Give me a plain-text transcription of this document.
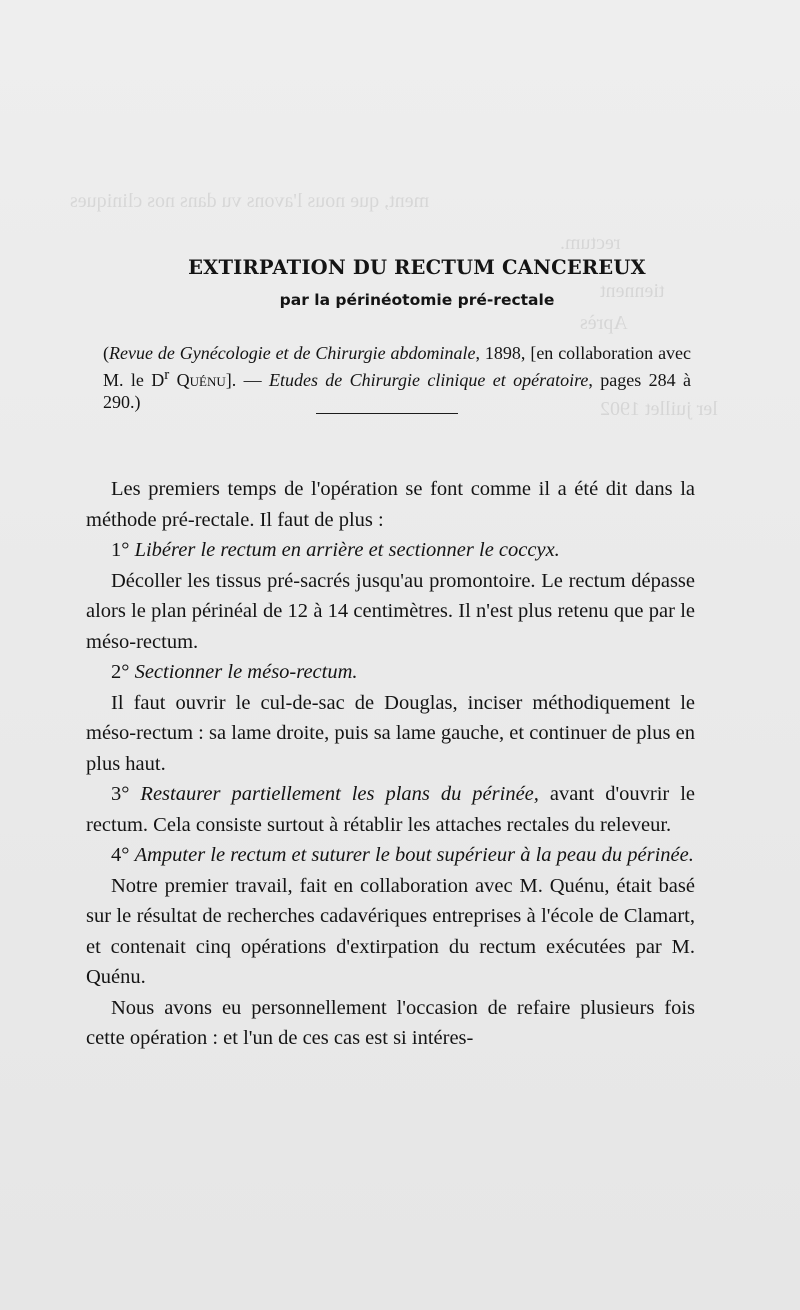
ment, que nous l'avons vu dans nos cliniques
rectum.
tiennent
Après
ler juillet 1902
EXTIRPATION DU RECTUM CANCEREUX
par la périnéotomie pré-rectale
(Revue de Gynécologie et de Chirurgie abdominale, 1898, [en collaboration avec M. le $D^r$ Quénu]. — Etudes de Chirurgie clinique et opératoire, pages 284 à 290.)

Les premiers temps de l'opération se font comme il a été dit dans la méthode pré-rectale. Il faut de plus :

1° Libérer le rectum en arrière et sectionner le coccyx.

Décoller les tissus pré-sacrés jusqu'au promontoire. Le rectum dépasse alors le plan périnéal de 12 à 14 centimètres. Il n'est plus retenu que par le méso-rectum.

2° Sectionner le méso-rectum.

Il faut ouvrir le cul-de-sac de Douglas, inciser méthodiquement le méso-rectum : sa lame droite, puis sa lame gauche, et continuer de plus en plus haut.

3° Restaurer partiellement les plans du périnée, avant d'ouvrir le rectum. Cela consiste surtout à rétablir les attaches rectales du releveur.

4° Amputer le rectum et suturer le bout supérieur à la peau du périnée.

Notre premier travail, fait en collaboration avec M. Quénu, était basé sur le résultat de recherches cadavériques entreprises à l'école de Clamart, et contenait cinq opérations d'extirpation du rectum exécutées par M. Quénu.

Nous avons eu personnellement l'occasion de refaire plusieurs fois cette opération : et l'un de ces cas est si intéres-
